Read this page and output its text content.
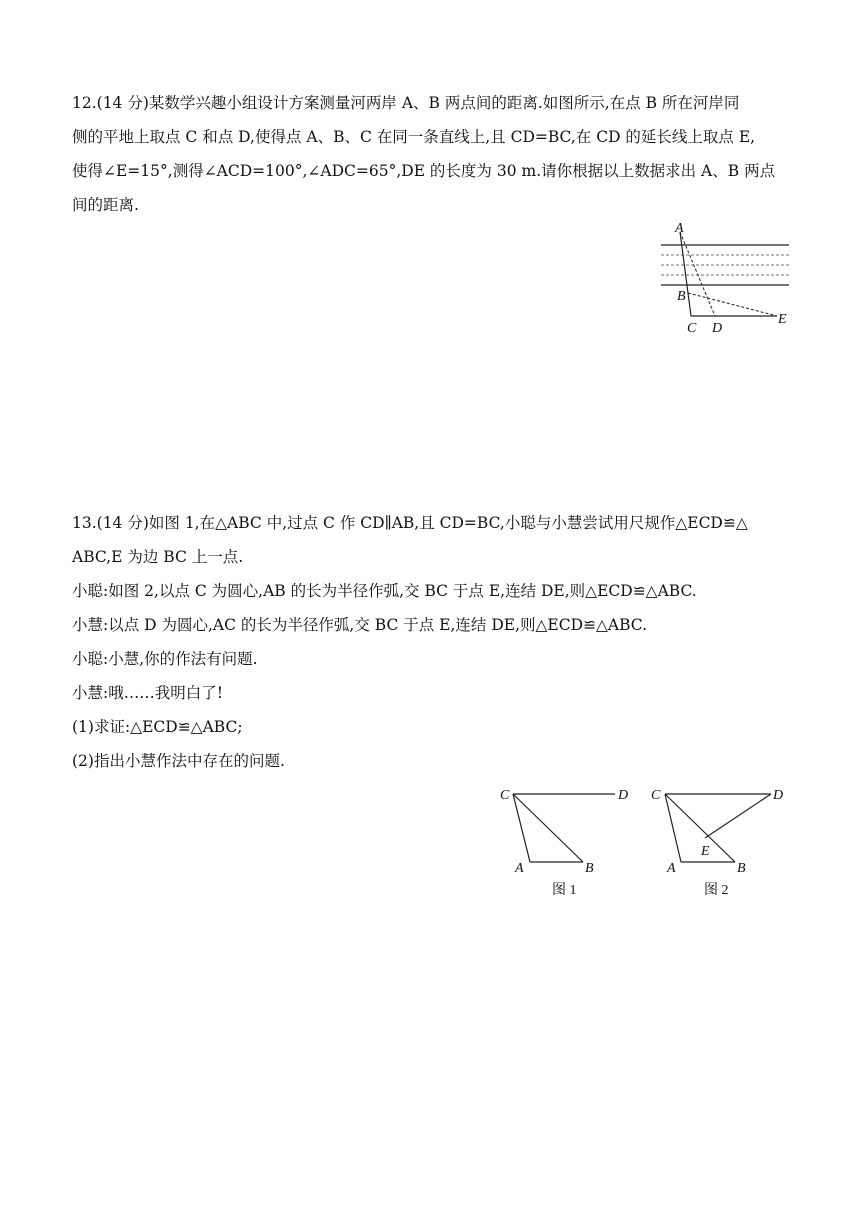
12.(14 分)某数学兴趣小组设计方案测量河两岸 A、B 两点间的距离.如图所示,在点 B 所在河岸同
侧的平地上取点 C 和点 D,使得点 A、B、C 在同一条直线上,且 CD=BC,在 CD 的延长线上取点 E,
使得∠E=15°,测得∠ACD=100°,∠ADC=65°,DE 的长度为 30 m.请你根据以上数据求出 A、B 两点
间的距离.
A
B
C D
E
13.(14 分)如图 1,在△ABC 中,过点 C 作 CD∥AB,且 CD=BC,小聪与小慧尝试用尺规作△ECD≌△
ABC,E 为边 BC 上一点.
小聪:如图 2,以点 C 为圆心,AB 的长为半径作弧,交 BC 于点 E,连结 DE,则△ECD≌△ABC.
小慧:以点 D 为圆心,AC 的长为半径作弧,交 BC 于点 E,连结 DE,则△ECD≌△ABC.
小聪:小慧,你的作法有问题.
小慧:哦……我明白了!
(1)求证:△ECD≌△ABC;
(2)指出小慧作法中存在的问题.
C	D
A	B
图 1
C	D
E
A	B
图 2
